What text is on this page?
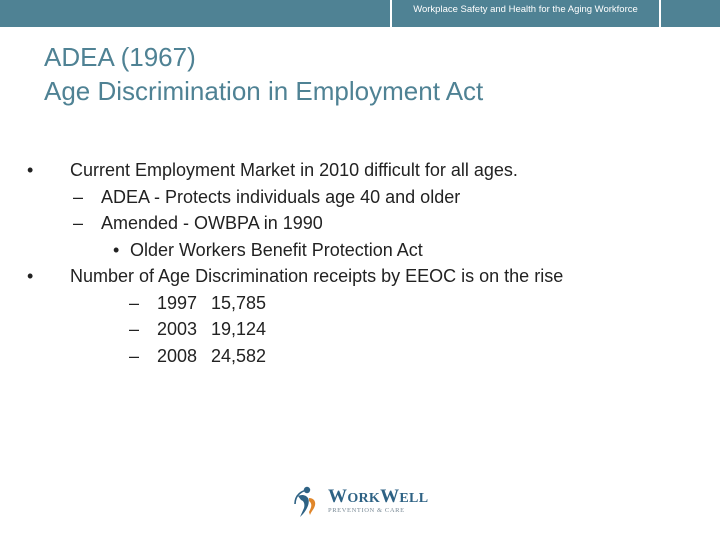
Workplace Safety and Health for the Aging Workforce
ADEA (1967)
Age Discrimination in Employment Act
• Current Employment Market in 2010 difficult for all ages.
– ADEA - Protects individuals age 40 and older
– Amended - OWBPA in 1990
• Older Workers Benefit Protection Act
• Number of Age Discrimination receipts by EEOC is on the rise
– 1997 15,785
– 2003 19,124
– 2008 24,582
WORKWELL
PREVENTION & CARE
